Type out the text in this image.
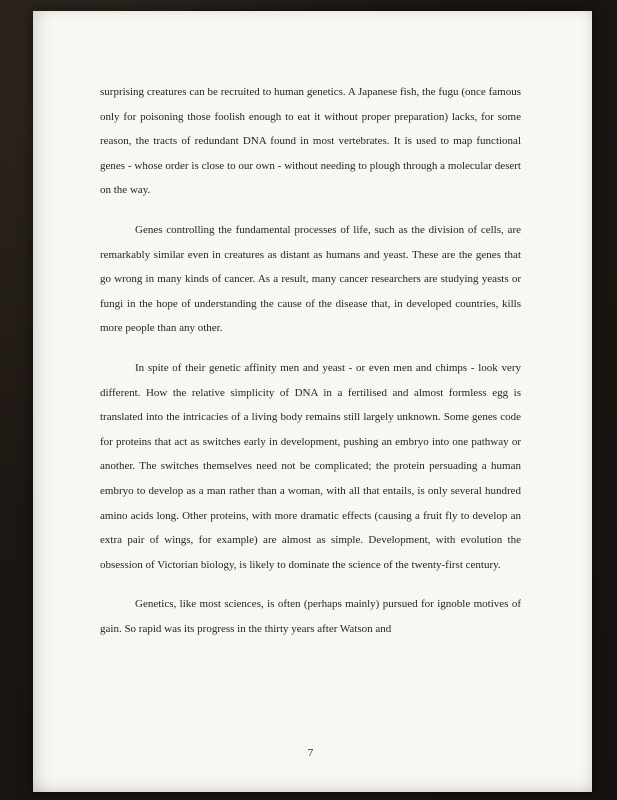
surprising creatures can be recruited to human genetics. A Japanese fish, the fugu (once famous only for poisoning those foolish enough to eat it without proper preparation) lacks, for some reason, the tracts of redundant DNA found in most vertebrates. It is used to map functional genes - whose order is close to our own - without needing to plough through a molecular desert on the way.

Genes controlling the fundamental processes of life, such as the division of cells, are remarkably similar even in creatures as distant as humans and yeast. These are the genes that go wrong in many kinds of cancer. As a result, many cancer researchers are studying yeasts or fungi in the hope of understanding the cause of the disease that, in developed countries, kills more people than any other.

In spite of their genetic affinity men and yeast - or even men and chimps - look very different. How the relative simplicity of DNA in a fertilised and almost formless egg is translated into the intricacies of a living body remains still largely unknown. Some genes code for proteins that act as switches early in development, pushing an embryo into one pathway or another. The switches themselves need not be complicated; the protein persuading a human embryo to develop as a man rather than a woman, with all that entails, is only several hundred amino acids long. Other proteins, with more dramatic effects (causing a fruit fly to develop an extra pair of wings, for example) are almost as simple. Development, with evolution the obsession of Victorian biology, is likely to dominate the science of the twenty-first century.

Genetics, like most sciences, is often (perhaps mainly) pursued for ignoble motives of gain. So rapid was its progress in the thirty years after Watson and

7
